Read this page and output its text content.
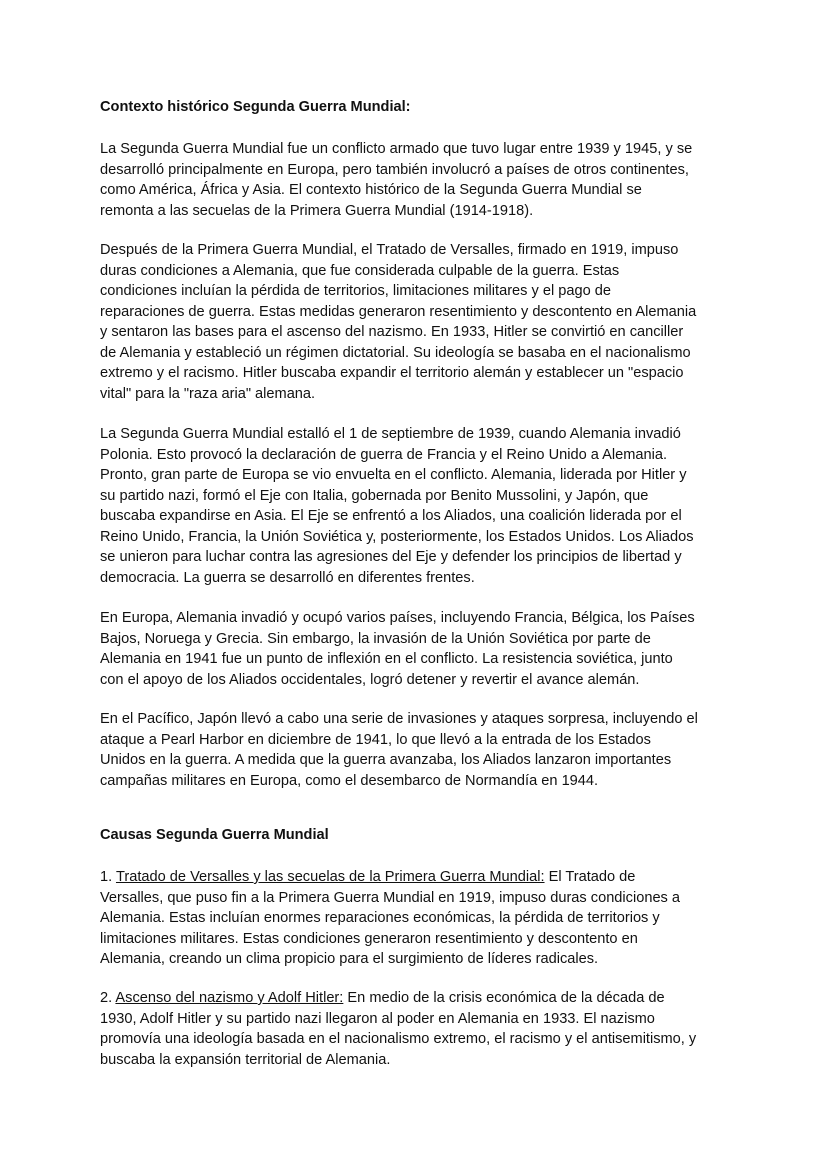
Contexto histórico Segunda Guerra Mundial:
La Segunda Guerra Mundial fue un conflicto armado que tuvo lugar entre 1939 y 1945, y se
desarrolló principalmente en Europa, pero también involucró a países de otros continentes,
como América, África y Asia. El contexto histórico de la Segunda Guerra Mundial se
remonta a las secuelas de la Primera Guerra Mundial (1914-1918).
Después de la Primera Guerra Mundial, el Tratado de Versalles, firmado en 1919, impuso
duras condiciones a Alemania, que fue considerada culpable de la guerra. Estas
condiciones incluían la pérdida de territorios, limitaciones militares y el pago de
reparaciones de guerra. Estas medidas generaron resentimiento y descontento en Alemania
y sentaron las bases para el ascenso del nazismo. En 1933, Hitler se convirtió en canciller
de Alemania y estableció un régimen dictatorial. Su ideología se basaba en el nacionalismo
extremo y el racismo. Hitler buscaba expandir el territorio alemán y establecer un "espacio
vital" para la "raza aria" alemana.
La Segunda Guerra Mundial estalló el 1 de septiembre de 1939, cuando Alemania invadió
Polonia. Esto provocó la declaración de guerra de Francia y el Reino Unido a Alemania.
Pronto, gran parte de Europa se vio envuelta en el conflicto. Alemania, liderada por Hitler y
su partido nazi, formó el Eje con Italia, gobernada por Benito Mussolini, y Japón, que
buscaba expandirse en Asia. El Eje se enfrentó a los Aliados, una coalición liderada por el
Reino Unido, Francia, la Unión Soviética y, posteriormente, los Estados Unidos. Los Aliados
se unieron para luchar contra las agresiones del Eje y defender los principios de libertad y
democracia. La guerra se desarrolló en diferentes frentes.
En Europa, Alemania invadió y ocupó varios países, incluyendo Francia, Bélgica, los Países
Bajos, Noruega y Grecia. Sin embargo, la invasión de la Unión Soviética por parte de
Alemania en 1941 fue un punto de inflexión en el conflicto. La resistencia soviética, junto
con el apoyo de los Aliados occidentales, logró detener y revertir el avance alemán.
En el Pacífico, Japón llevó a cabo una serie de invasiones y ataques sorpresa, incluyendo el
ataque a Pearl Harbor en diciembre de 1941, lo que llevó a la entrada de los Estados
Unidos en la guerra. A medida que la guerra avanzaba, los Aliados lanzaron importantes
campañas militares en Europa, como el desembarco de Normandía en 1944.
Causas Segunda Guerra Mundial
1. Tratado de Versalles y las secuelas de la Primera Guerra Mundial: El Tratado de
Versalles, que puso fin a la Primera Guerra Mundial en 1919, impuso duras condiciones a
Alemania. Estas incluían enormes reparaciones económicas, la pérdida de territorios y
limitaciones militares. Estas condiciones generaron resentimiento y descontento en
Alemania, creando un clima propicio para el surgimiento de líderes radicales.
2. Ascenso del nazismo y Adolf Hitler: En medio de la crisis económica de la década de
1930, Adolf Hitler y su partido nazi llegaron al poder en Alemania en 1933. El nazismo
promovía una ideología basada en el nacionalismo extremo, el racismo y el antisemitismo, y
buscaba la expansión territorial de Alemania.
